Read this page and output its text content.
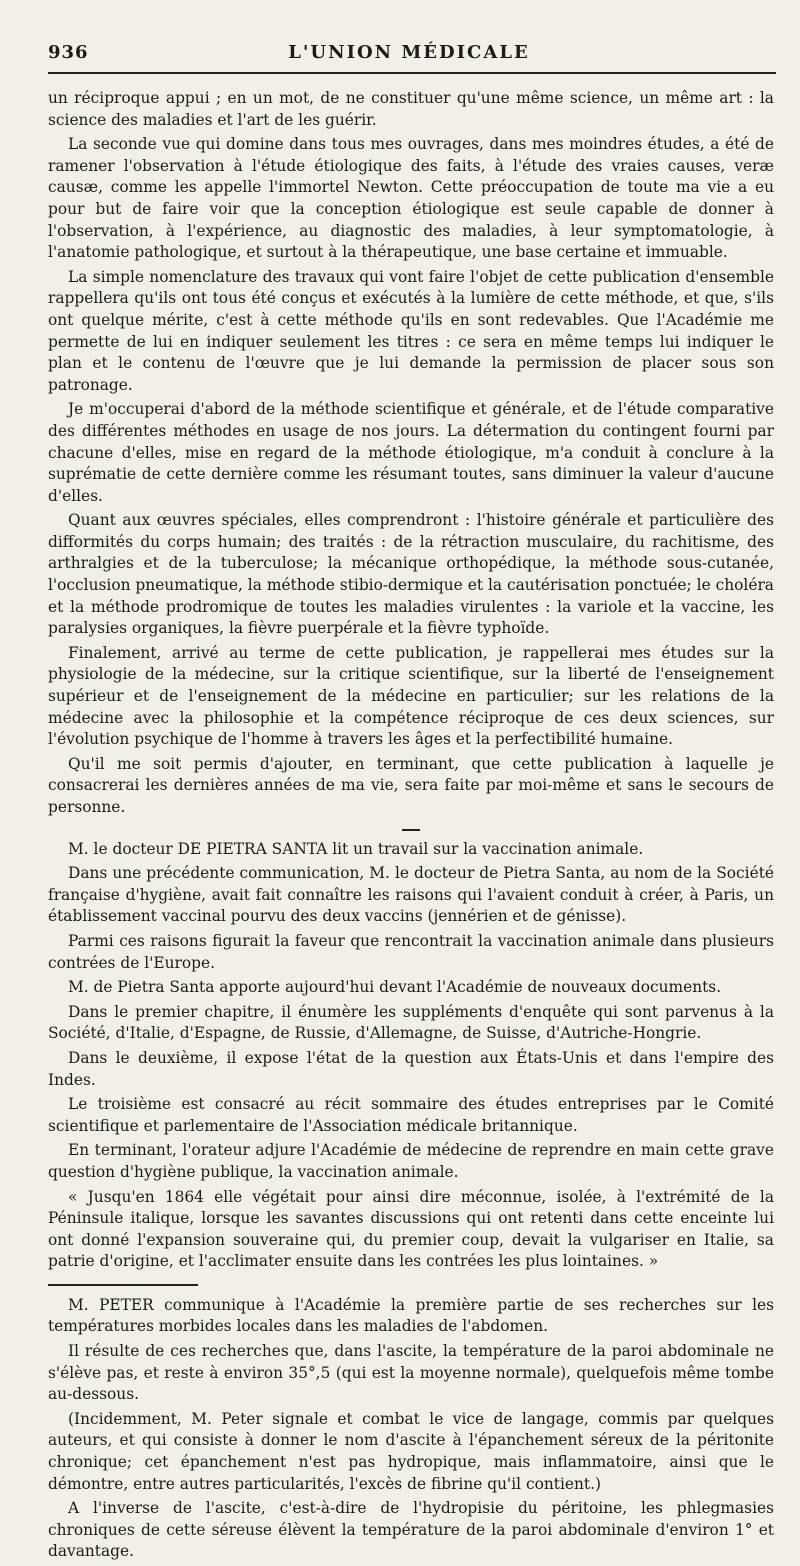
936	L'UNION MÉDICALE

un réciproque appui ; en un mot, de ne constituer qu'une même science, un même art : la science des maladies et l'art de les guérir.

La seconde vue qui domine dans tous mes ouvrages, dans mes moindres études, a été de ramener l'observation à l'étude étiologique des faits, à l'étude des vraies causes, veræ causæ, comme les appelle l'immortel Newton. Cette préoccupation de toute ma vie a eu pour but de faire voir que la conception étiologique est seule capable de donner à l'observation, à l'expérience, au diagnostic des maladies, à leur symptomatologie, à l'anatomie pathologique, et surtout à la thérapeutique, une base certaine et immuable.

La simple nomenclature des travaux qui vont faire l'objet de cette publication d'ensemble rappellera qu'ils ont tous été conçus et exécutés à la lumière de cette méthode, et que, s'ils ont quelque mérite, c'est à cette méthode qu'ils en sont redevables. Que l'Académie me permette de lui en indiquer seulement les titres : ce sera en même temps lui indiquer le plan et le contenu de l'œuvre que je lui demande la permission de placer sous son patronage.

Je m'occuperai d'abord de la méthode scientifique et générale, et de l'étude comparative des différentes méthodes en usage de nos jours. La détermation du contingent fourni par chacune d'elles, mise en regard de la méthode étiologique, m'a conduit à conclure à la suprématie de cette dernière comme les résumant toutes, sans diminuer la valeur d'aucune d'elles.

Quant aux œuvres spéciales, elles comprendront : l'histoire générale et particulière des difformités du corps humain; des traités : de la rétraction musculaire, du rachitisme, des arthralgies et de la tuberculose; la mécanique orthopédique, la méthode sous-cutanée, l'occlusion pneumatique, la méthode stibio-dermique et la cautérisation ponctuée; le choléra et la méthode prodromique de toutes les maladies virulentes : la variole et la vaccine, les paralysies organiques, la fièvre puerpérale et la fièvre typhoïde.

Finalement, arrivé au terme de cette publication, je rappellerai mes études sur la physiologie de la médecine, sur la critique scientifique, sur la liberté de l'enseignement supérieur et de l'enseignement de la médecine en particulier; sur les relations de la médecine avec la philosophie et la compétence réciproque de ces deux sciences, sur l'évolution psychique de l'homme à travers les âges et la perfectibilité humaine.

Qu'il me soit permis d'ajouter, en terminant, que cette publication à laquelle je consacrerai les dernières années de ma vie, sera faite par moi-même et sans le secours de personne.

M. le docteur DE PIETRA SANTA lit un travail sur la vaccination animale.

Dans une précédente communication, M. le docteur de Pietra Santa, au nom de la Société française d'hygiène, avait fait connaître les raisons qui l'avaient conduit à créer, à Paris, un établissement vaccinal pourvu des deux vaccins (jennérien et de génisse).

Parmi ces raisons figurait la faveur que rencontrait la vaccination animale dans plusieurs contrées de l'Europe.

M. de Pietra Santa apporte aujourd'hui devant l'Académie de nouveaux documents.

Dans le premier chapitre, il énumère les suppléments d'enquête qui sont parvenus à la Société, d'Italie, d'Espagne, de Russie, d'Allemagne, de Suisse, d'Autriche-Hongrie.

Dans le deuxième, il expose l'état de la question aux États-Unis et dans l'empire des Indes.

Le troisième est consacré au récit sommaire des études entreprises par le Comité scientifique et parlementaire de l'Association médicale britannique.

En terminant, l'orateur adjure l'Académie de médecine de reprendre en main cette grave question d'hygiène publique, la vaccination animale.

« Jusqu'en 1864 elle végétait pour ainsi dire méconnue, isolée, à l'extrémité de la Péninsule italique, lorsque les savantes discussions qui ont retenti dans cette enceinte lui ont donné l'expansion souveraine qui, du premier coup, devait la vulgariser en Italie, sa patrie d'origine, et l'acclimater ensuite dans les contrées les plus lointaines. »

M. PETER communique à l'Académie la première partie de ses recherches sur les températures morbides locales dans les maladies de l'abdomen.

Il résulte de ces recherches que, dans l'ascite, la température de la paroi abdominale ne s'élève pas, et reste à environ 35°,5 (qui est la moyenne normale), quelquefois même tombe au-dessous.

(Incidemment, M. Peter signale et combat le vice de langage, commis par quelques auteurs, et qui consiste à donner le nom d'ascite à l'épanchement séreux de la péritonite chronique; cet épanchement n'est pas hydropique, mais inflammatoire, ainsi que le démontre, entre autres particularités, l'excès de fibrine qu'il contient.)

A l'inverse de l'ascite, c'est-à-dire de l'hydropisie du péritoine, les phlegmasies chroniques de cette séreuse élèvent la température de la paroi abdominale d'environ 1° et davantage.
